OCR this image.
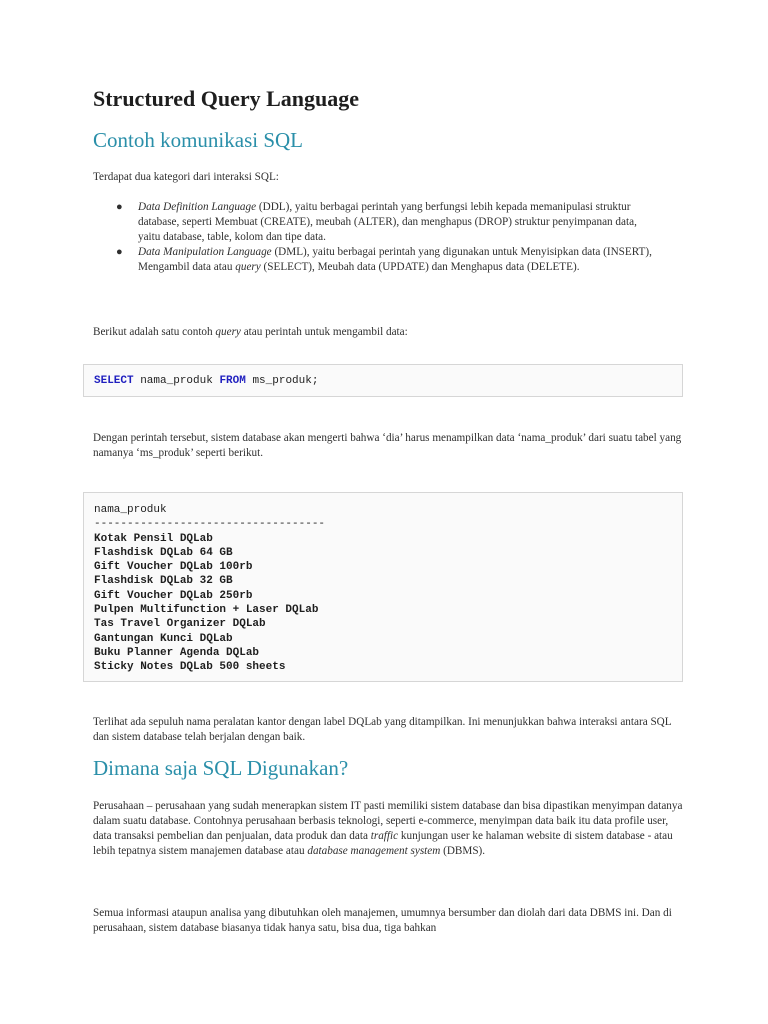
Structured Query Language
Contoh komunikasi SQL

Terdapat dua kategori dari interaksi SQL:

● Data Definition Language (DDL), yaitu berbagai perintah yang berfungsi lebih kepada memanipulasi struktur database, seperti Membuat (CREATE), meubah (ALTER), dan menghapus (DROP) struktur penyimpanan data, yaitu database, table, kolom dan tipe data.
● Data Manipulation Language (DML), yaitu berbagai perintah yang digunakan untuk Menyisipkan data (INSERT), Mengambil data atau query (SELECT), Meubah data (UPDATE) dan Menghapus data (DELETE).

Berikut adalah satu contoh query atau perintah untuk mengambil data:

SELECT nama_produk FROM ms_produk;

Dengan perintah tersebut, sistem database akan mengerti bahwa ‘dia’ harus menampilkan data ‘nama_produk’ dari suatu tabel yang namanya ‘ms_produk’ seperti berikut.

nama_produk
-----------------------------------
Kotak Pensil DQLab
Flashdisk DQLab 64 GB
Gift Voucher DQLab 100rb
Flashdisk DQLab 32 GB
Gift Voucher DQLab 250rb
Pulpen Multifunction + Laser DQLab
Tas Travel Organizer DQLab
Gantungan Kunci DQLab
Buku Planner Agenda DQLab
Sticky Notes DQLab 500 sheets

Terlihat ada sepuluh nama peralatan kantor dengan label DQLab yang ditampilkan. Ini menunjukkan bahwa interaksi antara SQL dan sistem database telah berjalan dengan baik.

Dimana saja SQL Digunakan?

Perusahaan – perusahaan yang sudah menerapkan sistem IT pasti memiliki sistem database dan bisa dipastikan menyimpan datanya dalam suatu database. Contohnya perusahaan berbasis teknologi, seperti e-commerce, menyimpan data baik itu data profile user, data transaksi pembelian dan penjualan, data produk dan data traffic kunjungan user ke halaman website di sistem database - atau lebih tepatnya sistem manajemen database atau database management system (DBMS).

Semua informasi ataupun analisa yang dibutuhkan oleh manajemen, umumnya bersumber dan diolah dari data DBMS ini. Dan di perusahaan, sistem database biasanya tidak hanya satu, bisa dua, tiga bahkan
